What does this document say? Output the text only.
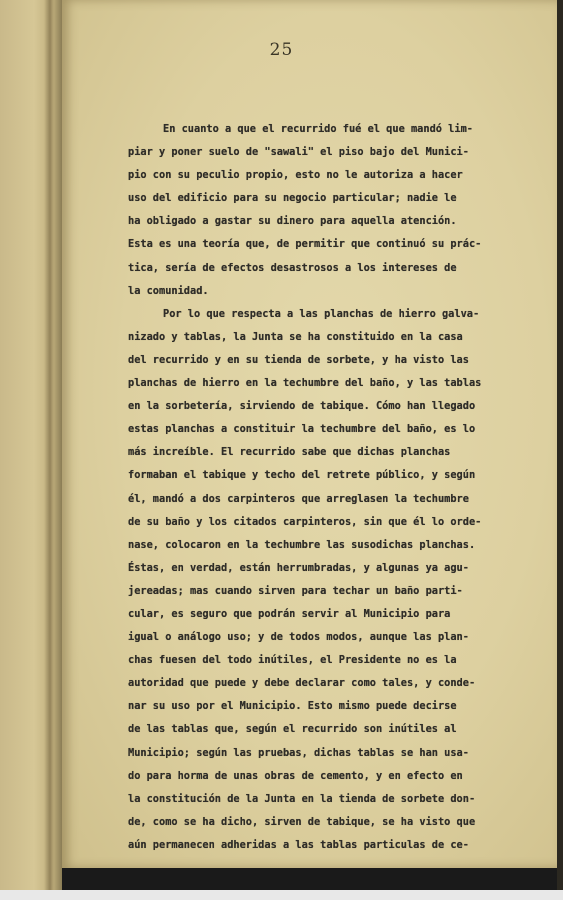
25
En cuanto a que el recurrido fué el que mandó lim-
piar y poner suelo de "sawali" el piso bajo del Munici-
pio con su peculio propio, esto no le autoriza a hacer
uso del edificio para su negocio particular; nadie le
ha obligado a gastar su dinero para aquella atención.
Esta es una teoría que, de permitir que continuó su prác-
tica, sería de efectos desastrosos a los intereses de
la comunidad.
Por lo que respecta a las planchas de hierro galva-
nizado y tablas, la Junta se ha constituido en la casa
del recurrido y en su tienda de sorbete, y ha visto las
planchas de hierro en la techumbre del baño, y las tablas
en la sorbetería, sirviendo de tabique. Cómo han llegado
estas planchas a constituir la techumbre del baño, es lo
más increíble. El recurrido sabe que dichas planchas
formaban el tabique y techo del retrete público, y según
él, mandó a dos carpinteros que arreglasen la techumbre
de su baño y los citados carpinteros, sin que él lo orde-
nase, colocaron en la techumbre las susodichas planchas.
Éstas, en verdad, están herrumbradas, y algunas ya agu-
jereadas; mas cuando sirven para techar un baño parti-
cular, es seguro que podrán servir al Municipio para
igual o análogo uso; y de todos modos, aunque las plan-
chas fuesen del todo inútiles, el Presidente no es la
autoridad que puede y debe declarar como tales, y conde-
nar su uso por el Municipio. Esto mismo puede decirse
de las tablas que, según el recurrido son inútiles al
Municipio; según las pruebas, dichas tablas se han usa-
do para horma de unas obras de cemento, y en efecto en
la constitución de la Junta en la tienda de sorbete don-
de, como se ha dicho, sirven de tabique, se ha visto que
aún permanecen adheridas a las tablas particulas de ce-
